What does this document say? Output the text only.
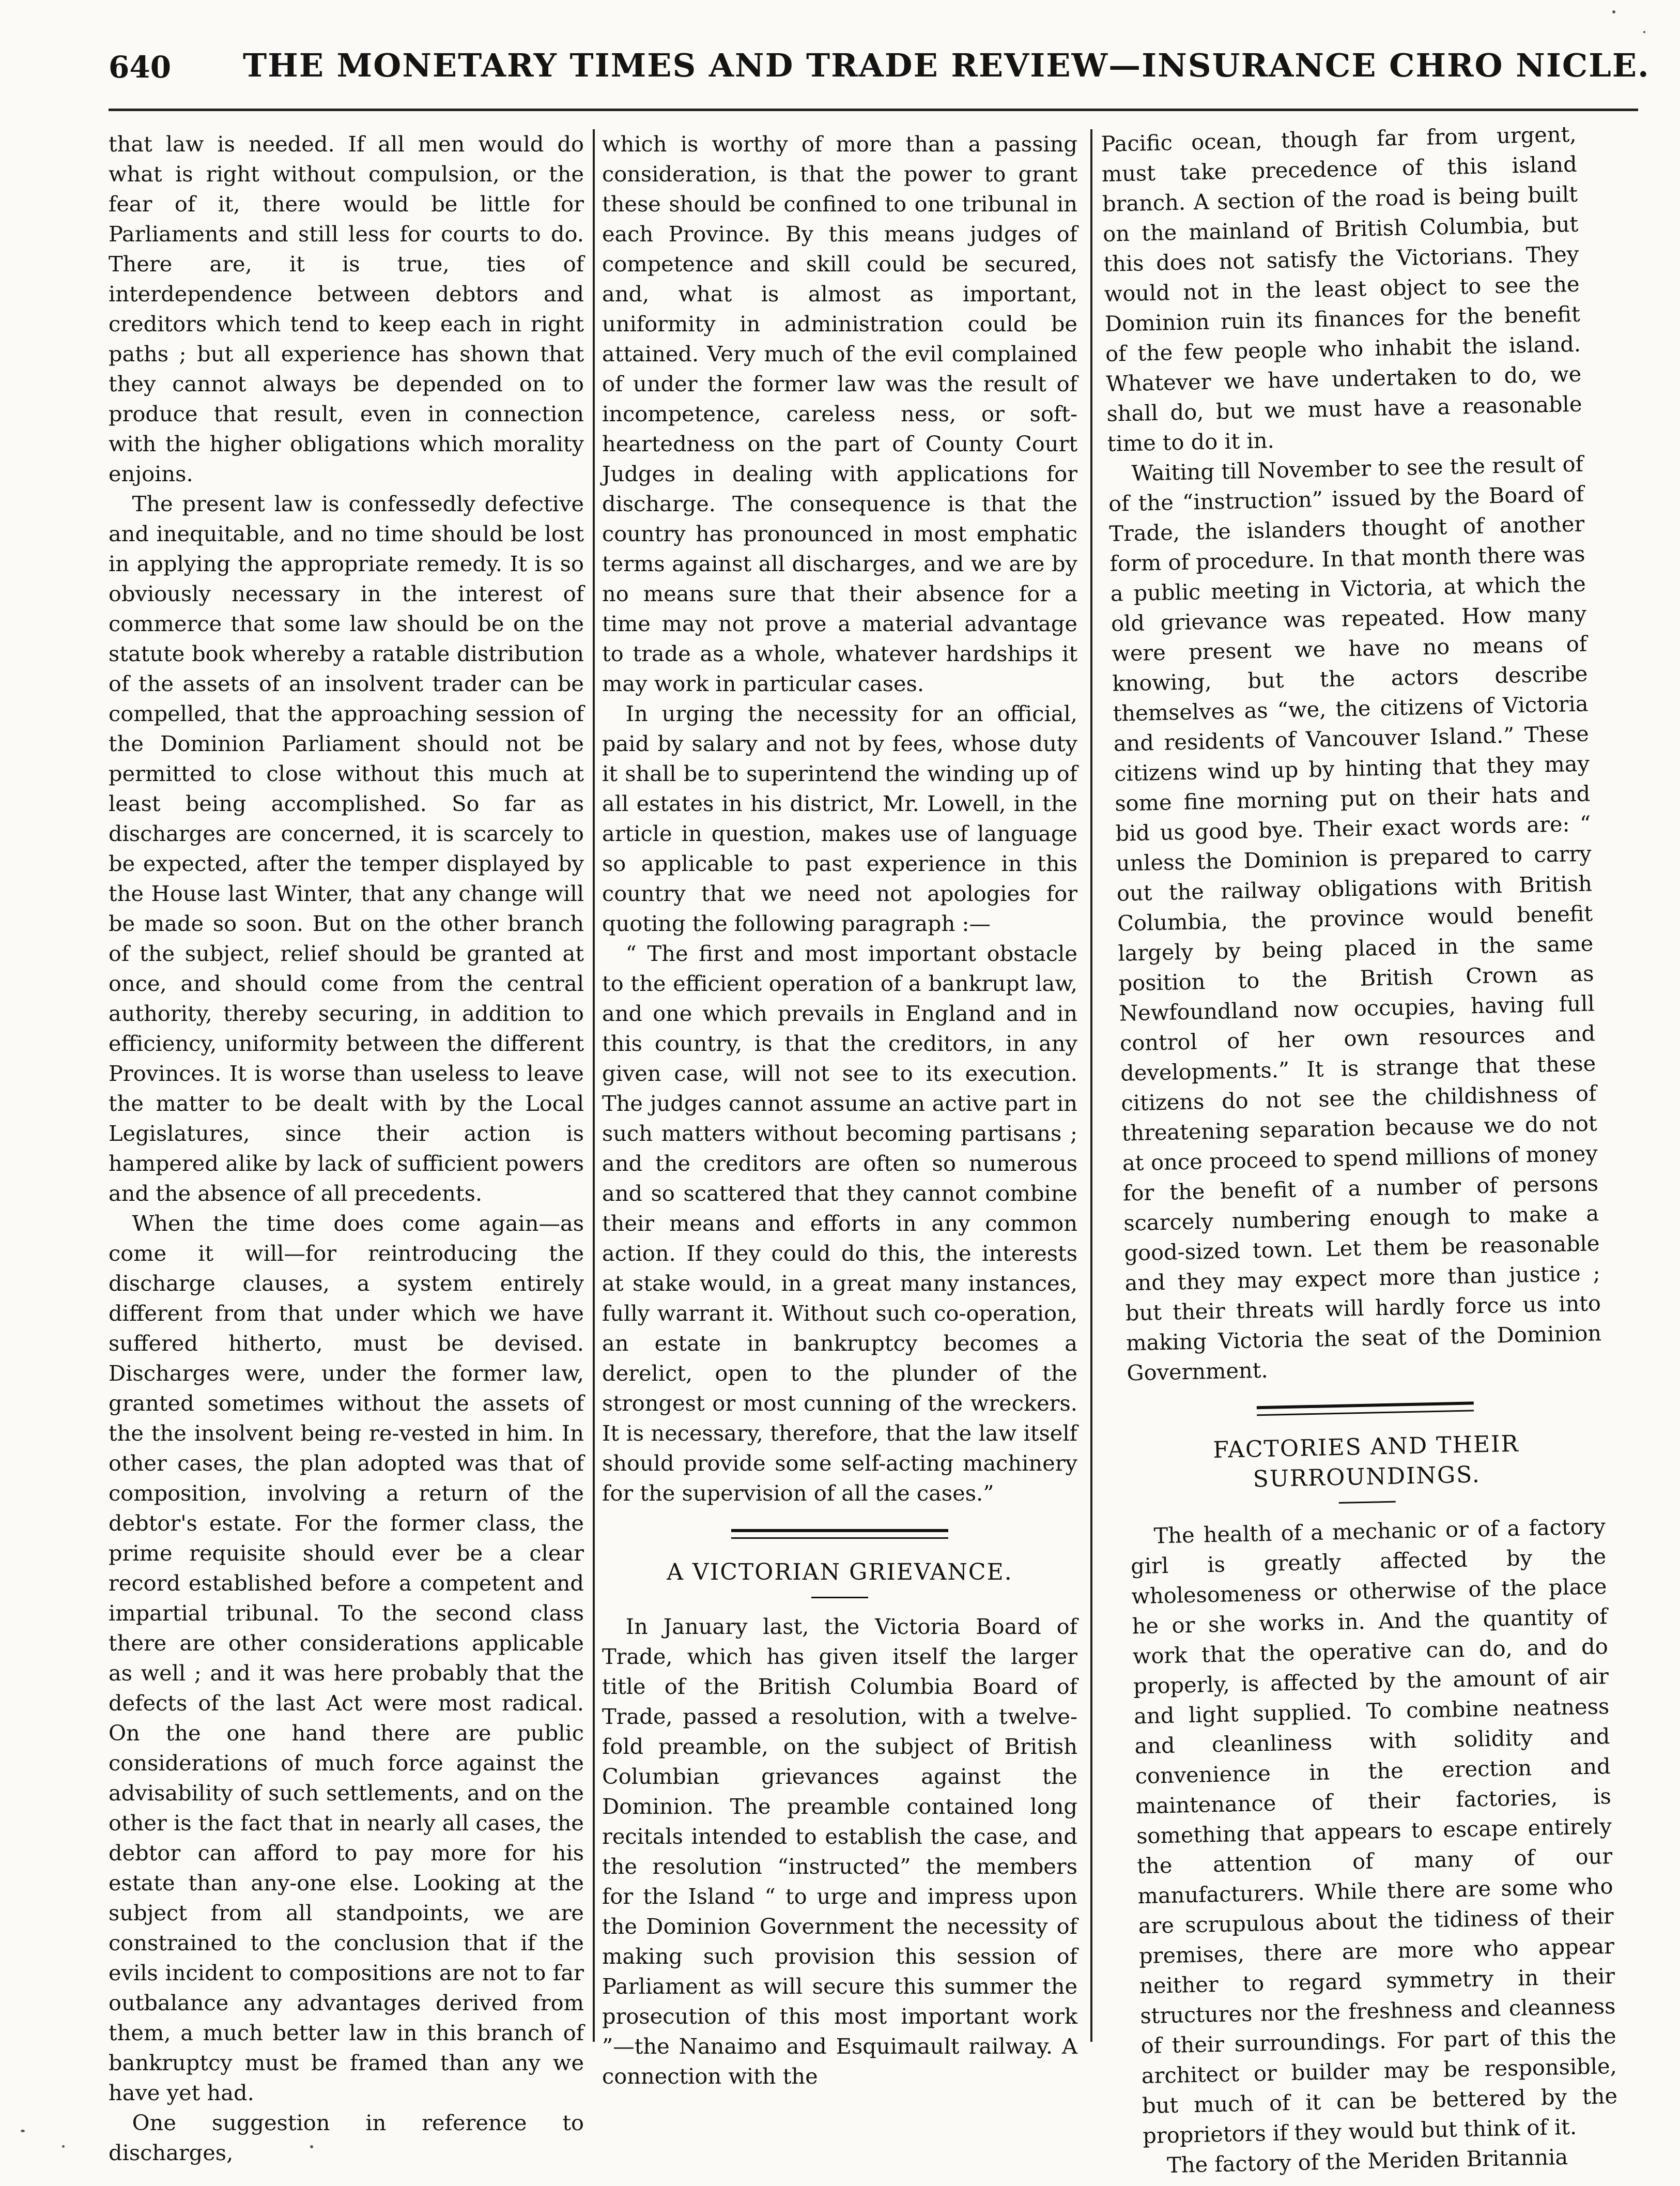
640 THE MONETARY TIMES AND TRADE REVIEW—INSURANCE CHRO NICLE.

that law is needed. If all men would do what is right without compulsion, or the fear of it, there would be little for Parliaments and still less for courts to do. There are, it is true, ties of interdependence between debtors and creditors which tend to keep each in right paths ; but all experience has shown that they cannot always be depended on to produce that result, even in connection with the higher obligations which morality enjoins.

The present law is confessedly defective and inequitable, and no time should be lost in applying the appropriate remedy. It is so obviously necessary in the interest of commerce that some law should be on the statute book whereby a ratable distribution of the assets of an insolvent trader can be compelled, that the approaching session of the Dominion Parliament should not be permitted to close without this much at least being accomplished. So far as discharges are concerned, it is scarcely to be expected, after the temper displayed by the House last Winter, that any change will be made so soon. But on the other branch of the subject, relief should be granted at once, and should come from the central authority, thereby securing, in addition to efficiency, uniformity between the different Provinces. It is worse than useless to leave the matter to be dealt with by the Local Legislatures, since their action is hampered alike by lack of sufficient powers and the absence of all precedents.

When the time does come again—as come it will—for reintroducing the discharge clauses, a system entirely different from that under which we have suffered hitherto, must be devised. Discharges were, under the former law, granted sometimes without the assets of the the insolvent being re-vested in him. In other cases, the plan adopted was that of composition, involving a return of the debtor's estate. For the former class, the prime requisite should ever be a clear record established before a competent and impartial tribunal. To the second class there are other considerations applicable as well ; and it was here probably that the defects of the last Act were most radical. On the one hand there are public considerations of much force against the advisability of such settlements, and on the other is the fact that in nearly all cases, the debtor can afford to pay more for his estate than any-one else. Looking at the subject from all standpoints, we are constrained to the conclusion that if the evils incident to compositions are not to far outbalance any advantages derived from them, a much better law in this branch of bankruptcy must be framed than any we have yet had.

One suggestion in reference to discharges,

which is worthy of more than a passing consideration, is that the power to grant these should be confined to one tribunal in each Province. By this means judges of competence and skill could be secured, and, what is almost as important, uniformity in administration could be attained. Very much of the evil complained of under the former law was the result of incompetence, careless ness, or soft-heartedness on the part of County Court Judges in dealing with applications for discharge. The consequence is that the country has pronounced in most emphatic terms against all discharges, and we are by no means sure that their absence for a time may not prove a material advantage to trade as a whole, whatever hardships it may work in particular cases.

In urging the necessity for an official, paid by salary and not by fees, whose duty it shall be to superintend the winding up of all estates in his district, Mr. Lowell, in the article in question, makes use of language so applicable to past experience in this country that we need not apologies for quoting the following paragraph :—

“ The first and most important obstacle to the efficient operation of a bankrupt law, and one which prevails in England and in this country, is that the creditors, in any given case, will not see to its execution. The judges cannot assume an active part in such matters without becoming partisans ; and the creditors are often so numerous and so scattered that they cannot combine their means and efforts in any common action. If they could do this, the interests at stake would, in a great many instances, fully warrant it. Without such co-operation, an estate in bankruptcy becomes a derelict, open to the plunder of the strongest or most cunning of the wreckers. It is necessary, therefore, that the law itself should provide some self-acting machinery for the supervision of all the cases.”

A VICTORIAN GRIEVANCE.

In January last, the Victoria Board of Trade, which has given itself the larger title of the British Columbia Board of Trade, passed a resolution, with a twelve-fold preamble, on the subject of British Columbian grievances against the Dominion. The preamble contained long recitals intended to establish the case, and the resolution “instructed” the members for the Island “ to urge and impress upon the Dominion Government the necessity of making such provision this session of Parliament as will secure this summer the prosecution of this most important work ”—the Nanaimo and Esquimault railway. A connection with the

Pacific ocean, though far from urgent, must take precedence of this island branch. A section of the road is being built on the mainland of British Columbia, but this does not satisfy the Victorians. They would not in the least object to see the Dominion ruin its finances for the benefit of the few people who inhabit the island. Whatever we have undertaken to do, we shall do, but we must have a reasonable time to do it in.

Waiting till November to see the result of of the “instruction” issued by the Board of Trade, the islanders thought of another form of procedure. In that month there was a public meeting in Victoria, at which the old grievance was repeated. How many were present we have no means of knowing, but the actors describe themselves as “we, the citizens of Victoria and residents of Vancouver Island.” These citizens wind up by hinting that they may some fine morning put on their hats and bid us good bye. Their exact words are: “ unless the Dominion is prepared to carry out the railway obligations with British Columbia, the province would benefit largely by being placed in the same position to the British Crown as Newfoundland now occupies, having full control of her own resources and developments.” It is strange that these citizens do not see the childishness of threatening separation because we do not at once proceed to spend millions of money for the benefit of a number of persons scarcely numbering enough to make a good-sized town. Let them be reasonable and they may expect more than justice ; but their threats will hardly force us into making Victoria the seat of the Dominion Government.

FACTORIES AND THEIR SURROUNDINGS.

The health of a mechanic or of a factory girl is greatly affected by the wholesomeness or otherwise of the place he or she works in. And the quantity of work that the operative can do, and do properly, is affected by the amount of air and light supplied. To combine neatness and cleanliness with solidity and convenience in the erection and maintenance of their factories, is something that appears to escape entirely the attention of many of our manufacturers. While there are some who are scrupulous about the tidiness of their premises, there are more who appear neither to regard symmetry in their structures nor the freshness and cleanness of their surroundings. For part of this the architect or builder may be responsible, but much of it can be bettered by the proprietors if they would but think of it.

The factory of the Meriden Britannia
